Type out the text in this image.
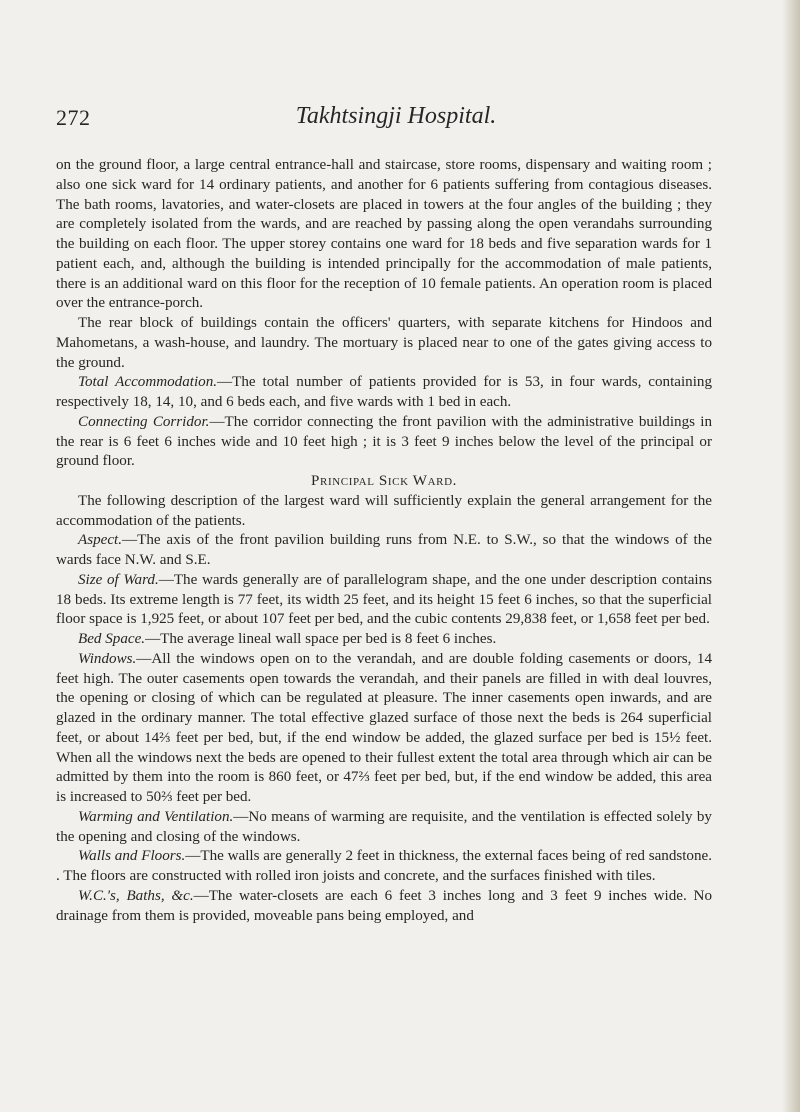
272	Takhtsingji Hospital.

on the ground floor, a large central entrance-hall and staircase, store rooms, dispensary and waiting room ; also one sick ward for 14 ordinary patients, and another for 6 patients suffering from contagious diseases. The bath rooms, lavatories, and water-closets are placed in towers at the four angles of the building ; they are completely isolated from the wards, and are reached by passing along the open verandahs surrounding the building on each floor. The upper storey contains one ward for 18 beds and five separation wards for 1 patient each, and, although the building is intended principally for the accommodation of male patients, there is an additional ward on this floor for the reception of 10 female patients. An operation room is placed over the entrance-porch.

The rear block of buildings contain the officers' quarters, with separate kitchens for Hindoos and Mahometans, a wash-house, and laundry. The mortuary is placed near to one of the gates giving access to the ground.

Total Accommodation.—The total number of patients provided for is 53, in four wards, containing respectively 18, 14, 10, and 6 beds each, and five wards with 1 bed in each.

Connecting Corridor.—The corridor connecting the front pavilion with the administrative buildings in the rear is 6 feet 6 inches wide and 10 feet high ; it is 3 feet 9 inches below the level of the principal or ground floor.

Principal Sick Ward.

The following description of the largest ward will sufficiently explain the general arrangement for the accommodation of the patients.

Aspect.—The axis of the front pavilion building runs from N.E. to S.W., so that the windows of the wards face N.W. and S.E.

Size of Ward.—The wards generally are of parallelogram shape, and the one under description contains 18 beds. Its extreme length is 77 feet, its width 25 feet, and its height 15 feet 6 inches, so that the superficial floor space is 1,925 feet, or about 107 feet per bed, and the cubic contents 29,838 feet, or 1,658 feet per bed.

Bed Space.—The average lineal wall space per bed is 8 feet 6 inches.

Windows.—All the windows open on to the verandah, and are double folding casements or doors, 14 feet high. The outer casements open towards the verandah, and their panels are filled in with deal louvres, the opening or closing of which can be regulated at pleasure. The inner casements open inwards, and are glazed in the ordinary manner. The total effective glazed surface of those next the beds is 264 superficial feet, or about 14⅔ feet per bed, but, if the end window be added, the glazed surface per bed is 15½ feet. When all the windows next the beds are opened to their fullest extent the total area through which air can be admitted by them into the room is 860 feet, or 47⅔ feet per bed, but, if the end window be added, this area is increased to 50⅔ feet per bed.

Warming and Ventilation.—No means of warming are requisite, and the ventilation is effected solely by the opening and closing of the windows.

Walls and Floors.—The walls are generally 2 feet in thickness, the external faces being of red sandstone. . The floors are constructed with rolled iron joists and concrete, and the surfaces finished with tiles.

W.C.'s, Baths, &c.—The water-closets are each 6 feet 3 inches long and 3 feet 9 inches wide. No drainage from them is provided, moveable pans being employed, and
